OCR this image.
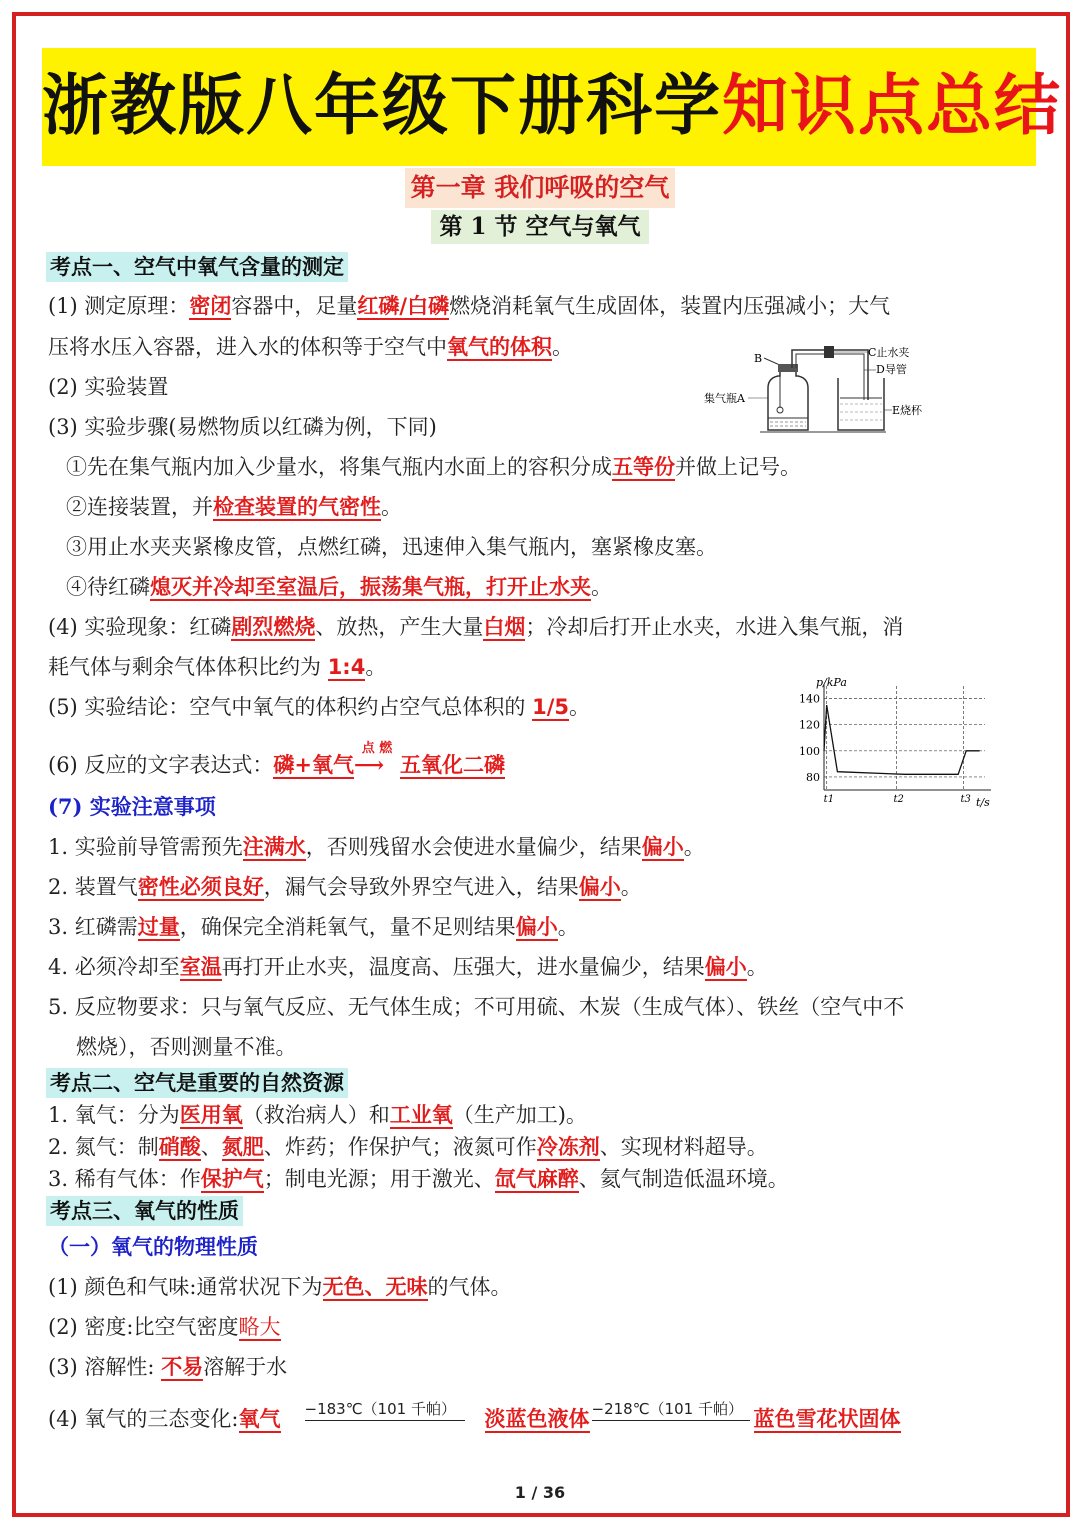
浙教版八年级下册科学知识点总结
第一章 我们呼吸的空气
第 1 节 空气与氧气
考点一、空气中氧气含量的测定
(1) 测定原理：密闭容器中，足量红磷/白磷燃烧消耗氧气生成固体，装置内压强减小；大气
压将水压入容器，进入水的体积等于空气中氧气的体积。
(2) 实验装置
(3) 实验步骤(易燃物质以红磷为例，下同)
①先在集气瓶内加入少量水，将集气瓶内水面上的容积分成五等份并做上记号。
②连接装置，并检查装置的气密性。
③用止水夹夹紧橡皮管，点燃红磷，迅速伸入集气瓶内，塞紧橡皮塞。
④待红磷熄灭并冷却至室温后，振荡集气瓶，打开止水夹。
(4) 实验现象：红磷剧烈燃烧、放热，产生大量白烟；冷却后打开止水夹，水进入集气瓶，消
耗气体与剩余气体体积比约为 1:4。
(5) 实验结论：空气中氧气的体积约占空气总体积的 1/5。
(6) 反应的文字表达式：磷+氧气
点 燃
⟶ 五氧化二磷
(7) 实验注意事项
1. 实验前导管需预先注满水，否则残留水会使进水量偏少，结果偏小。
2. 装置气密性必须良好，漏气会导致外界空气进入，结果偏小。
3. 红磷需过量，确保完全消耗氧气，量不足则结果偏小。
4. 必须冷却至室温再打开止水夹，温度高、压强大，进水量偏少，结果偏小。
5. 反应物要求：只与氧气反应、无气体生成；不可用硫、木炭（生成气体）、铁丝（空气中不
燃烧），否则测量不准。
B	C止水夹
D导管
集气瓶A
E烧杯
p/kPa
t/s
140
120
100
80
t1	t2	t3
考点二、空气是重要的自然资源
1. 氧气：分为医用氧（救治病人）和工业氧（生产加工)。
2. 氮气：制硝酸、氮肥、炸药；作保护气；液氮可作冷冻剂、实现材料超导。
3. 稀有气体：作保护气；制电光源；用于激光、氙气麻醉、氦气制造低温环境。
考点三、氧气的性质
（一）氧气的物理性质
(1) 颜色和气味:通常状况下为无色、无味的气体。
(2) 密度:比空气密度略大
(3) 溶解性: 不易溶解于水
(4) 氧气的三态变化:氧气 −183℃（101 千帕） 淡蓝色液体 −218℃（101 千帕） 蓝色雪花状固体
1 / 36
